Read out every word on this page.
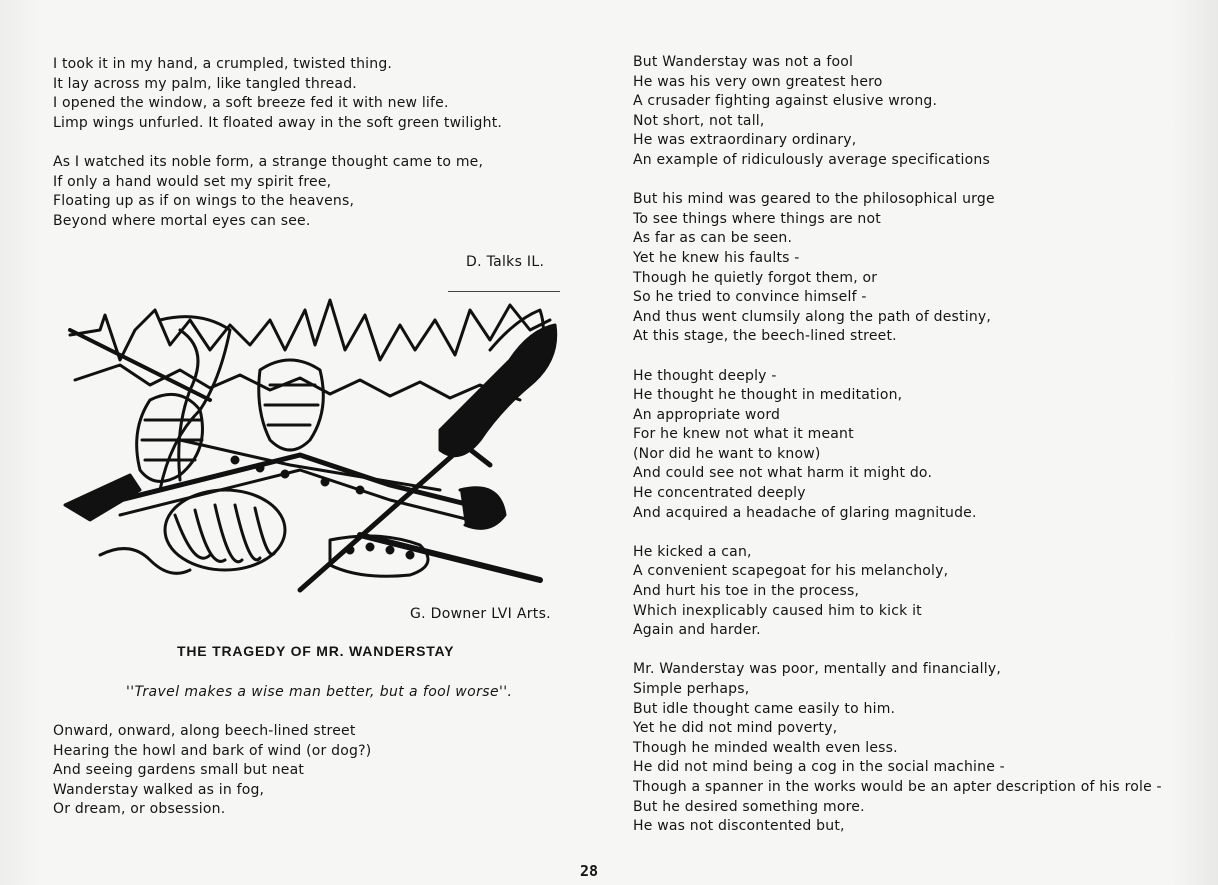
I took it in my hand, a crumpled, twisted thing.
It lay across my palm, like tangled thread.
I opened the window, a soft breeze fed it with new life.
Limp wings unfurled. It floated away in the soft green twilight.
As I watched its noble form, a strange thought came to me,
If only a hand would set my spirit free,
Floating up as if on wings to the heavens,
Beyond where mortal eyes can see.
D. Talks IL.
G. Downer LVI Arts.
THE TRAGEDY OF MR. WANDERSTAY
''Travel makes a wise man better, but a fool worse''.
Onward, onward, along beech-lined street
Hearing the howl and bark of wind (or dog?)
And seeing gardens small but neat
Wanderstay walked as in fog,
Or dream, or obsession.
But Wanderstay was not a fool
He was his very own greatest hero
A crusader fighting against elusive wrong.
Not short, not tall,
He was extraordinary ordinary,
An example of ridiculously average specifications
But his mind was geared to the philosophical urge
To see things where things are not
As far as can be seen.
Yet he knew his faults -
Though he quietly forgot them, or
So he tried to convince himself -
And thus went clumsily along the path of destiny,
At this stage, the beech-lined street.
He thought deeply -
He thought he thought in meditation,
An appropriate word
For he knew not what it meant
(Nor did he want to know)
And could see not what harm it might do.
He concentrated deeply
And acquired a headache of glaring magnitude.
He kicked a can,
A convenient scapegoat for his melancholy,
And hurt his toe in the process,
Which inexplicably caused him to kick it
Again and harder.
Mr. Wanderstay was poor, mentally and financially,
Simple perhaps,
But idle thought came easily to him.
Yet he did not mind poverty,
Though he minded wealth even less.
He did not mind being a cog in the social machine -
Though a spanner in the works would be an apter description of his role -
But he desired something more.
He was not discontented but,
28
